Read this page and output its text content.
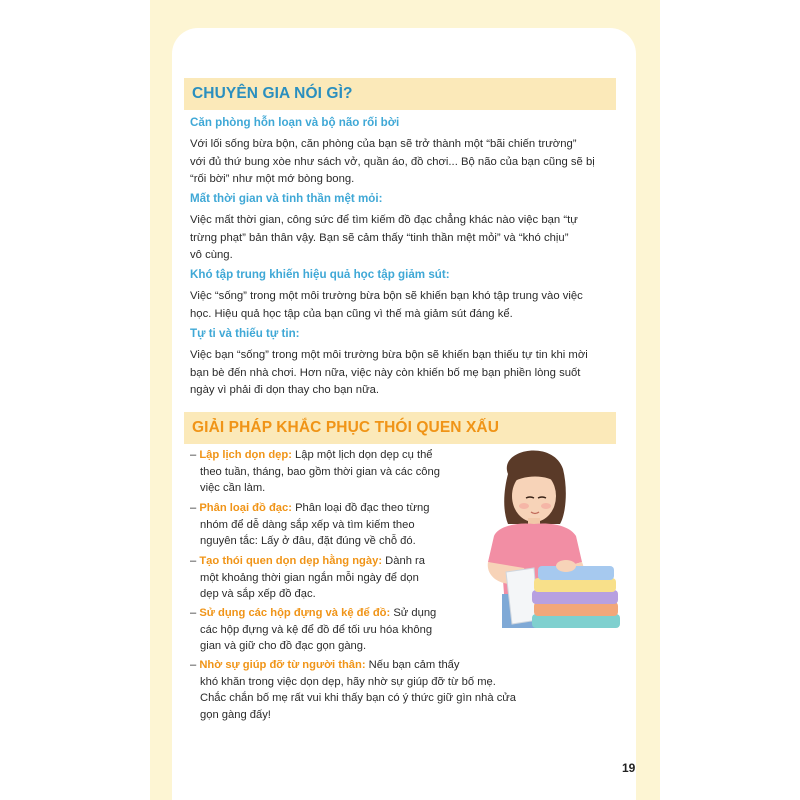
CHUYÊN GIA NÓI GÌ?
Căn phòng hỗn loạn và bộ não rối bời
Với lối sống bừa bộn, căn phòng của bạn sẽ trở thành một “bãi chiến trường”
với đủ thứ bung xòe như sách vở, quần áo, đồ chơi... Bộ não của bạn cũng sẽ bị
“rối bời” như một mớ bòng bong.
Mất thời gian và tinh thần mệt mỏi:
Việc mất thời gian, công sức để tìm kiếm đồ đạc chẳng khác nào việc bạn “tự
trừng phạt” bản thân vậy. Bạn sẽ cảm thấy “tinh thần mệt mỏi” và “khó chịu”
vô cùng.
Khó tập trung khiến hiệu quả học tập giảm sút:
Việc “sống” trong một môi trường bừa bộn sẽ khiến bạn khó tập trung vào việc
học. Hiệu quả học tập của bạn cũng vì thế mà giảm sút đáng kể.
Tự ti và thiếu tự tin:
Việc bạn “sống” trong một môi trường bừa bộn sẽ khiến bạn thiếu tự tin khi mời
bạn bè đến nhà chơi. Hơn nữa, việc này còn khiến bố mẹ bạn phiền lòng suốt
ngày vì phải đi dọn thay cho bạn nữa.
GIẢI PHÁP KHẮC PHỤC THÓI QUEN XẤU
– Lập lịch dọn dẹp: Lập một lịch dọn dẹp cụ thể
theo tuần, tháng, bao gồm thời gian và các công
việc cần làm.
– Phân loại đồ đạc: Phân loại đồ đạc theo từng
nhóm để dễ dàng sắp xếp và tìm kiếm theo
nguyên tắc: Lấy ở đâu, đặt đúng về chỗ đó.
– Tạo thói quen dọn dẹp hằng ngày: Dành ra
một khoảng thời gian ngắn mỗi ngày để dọn
dẹp và sắp xếp đồ đạc.
– Sử dụng các hộp đựng và kệ để đồ: Sử dụng
các hộp đựng và kệ để đồ để tối ưu hóa không
gian và giữ cho đồ đạc gọn gàng.
– Nhờ sự giúp đỡ từ người thân: Nếu bạn cảm thấy
khó khăn trong việc dọn dẹp, hãy nhờ sự giúp đỡ từ bố mẹ.
Chắc chắn bố mẹ rất vui khi thấy bạn có ý thức giữ gìn nhà cửa
gọn gàng đấy!
19
